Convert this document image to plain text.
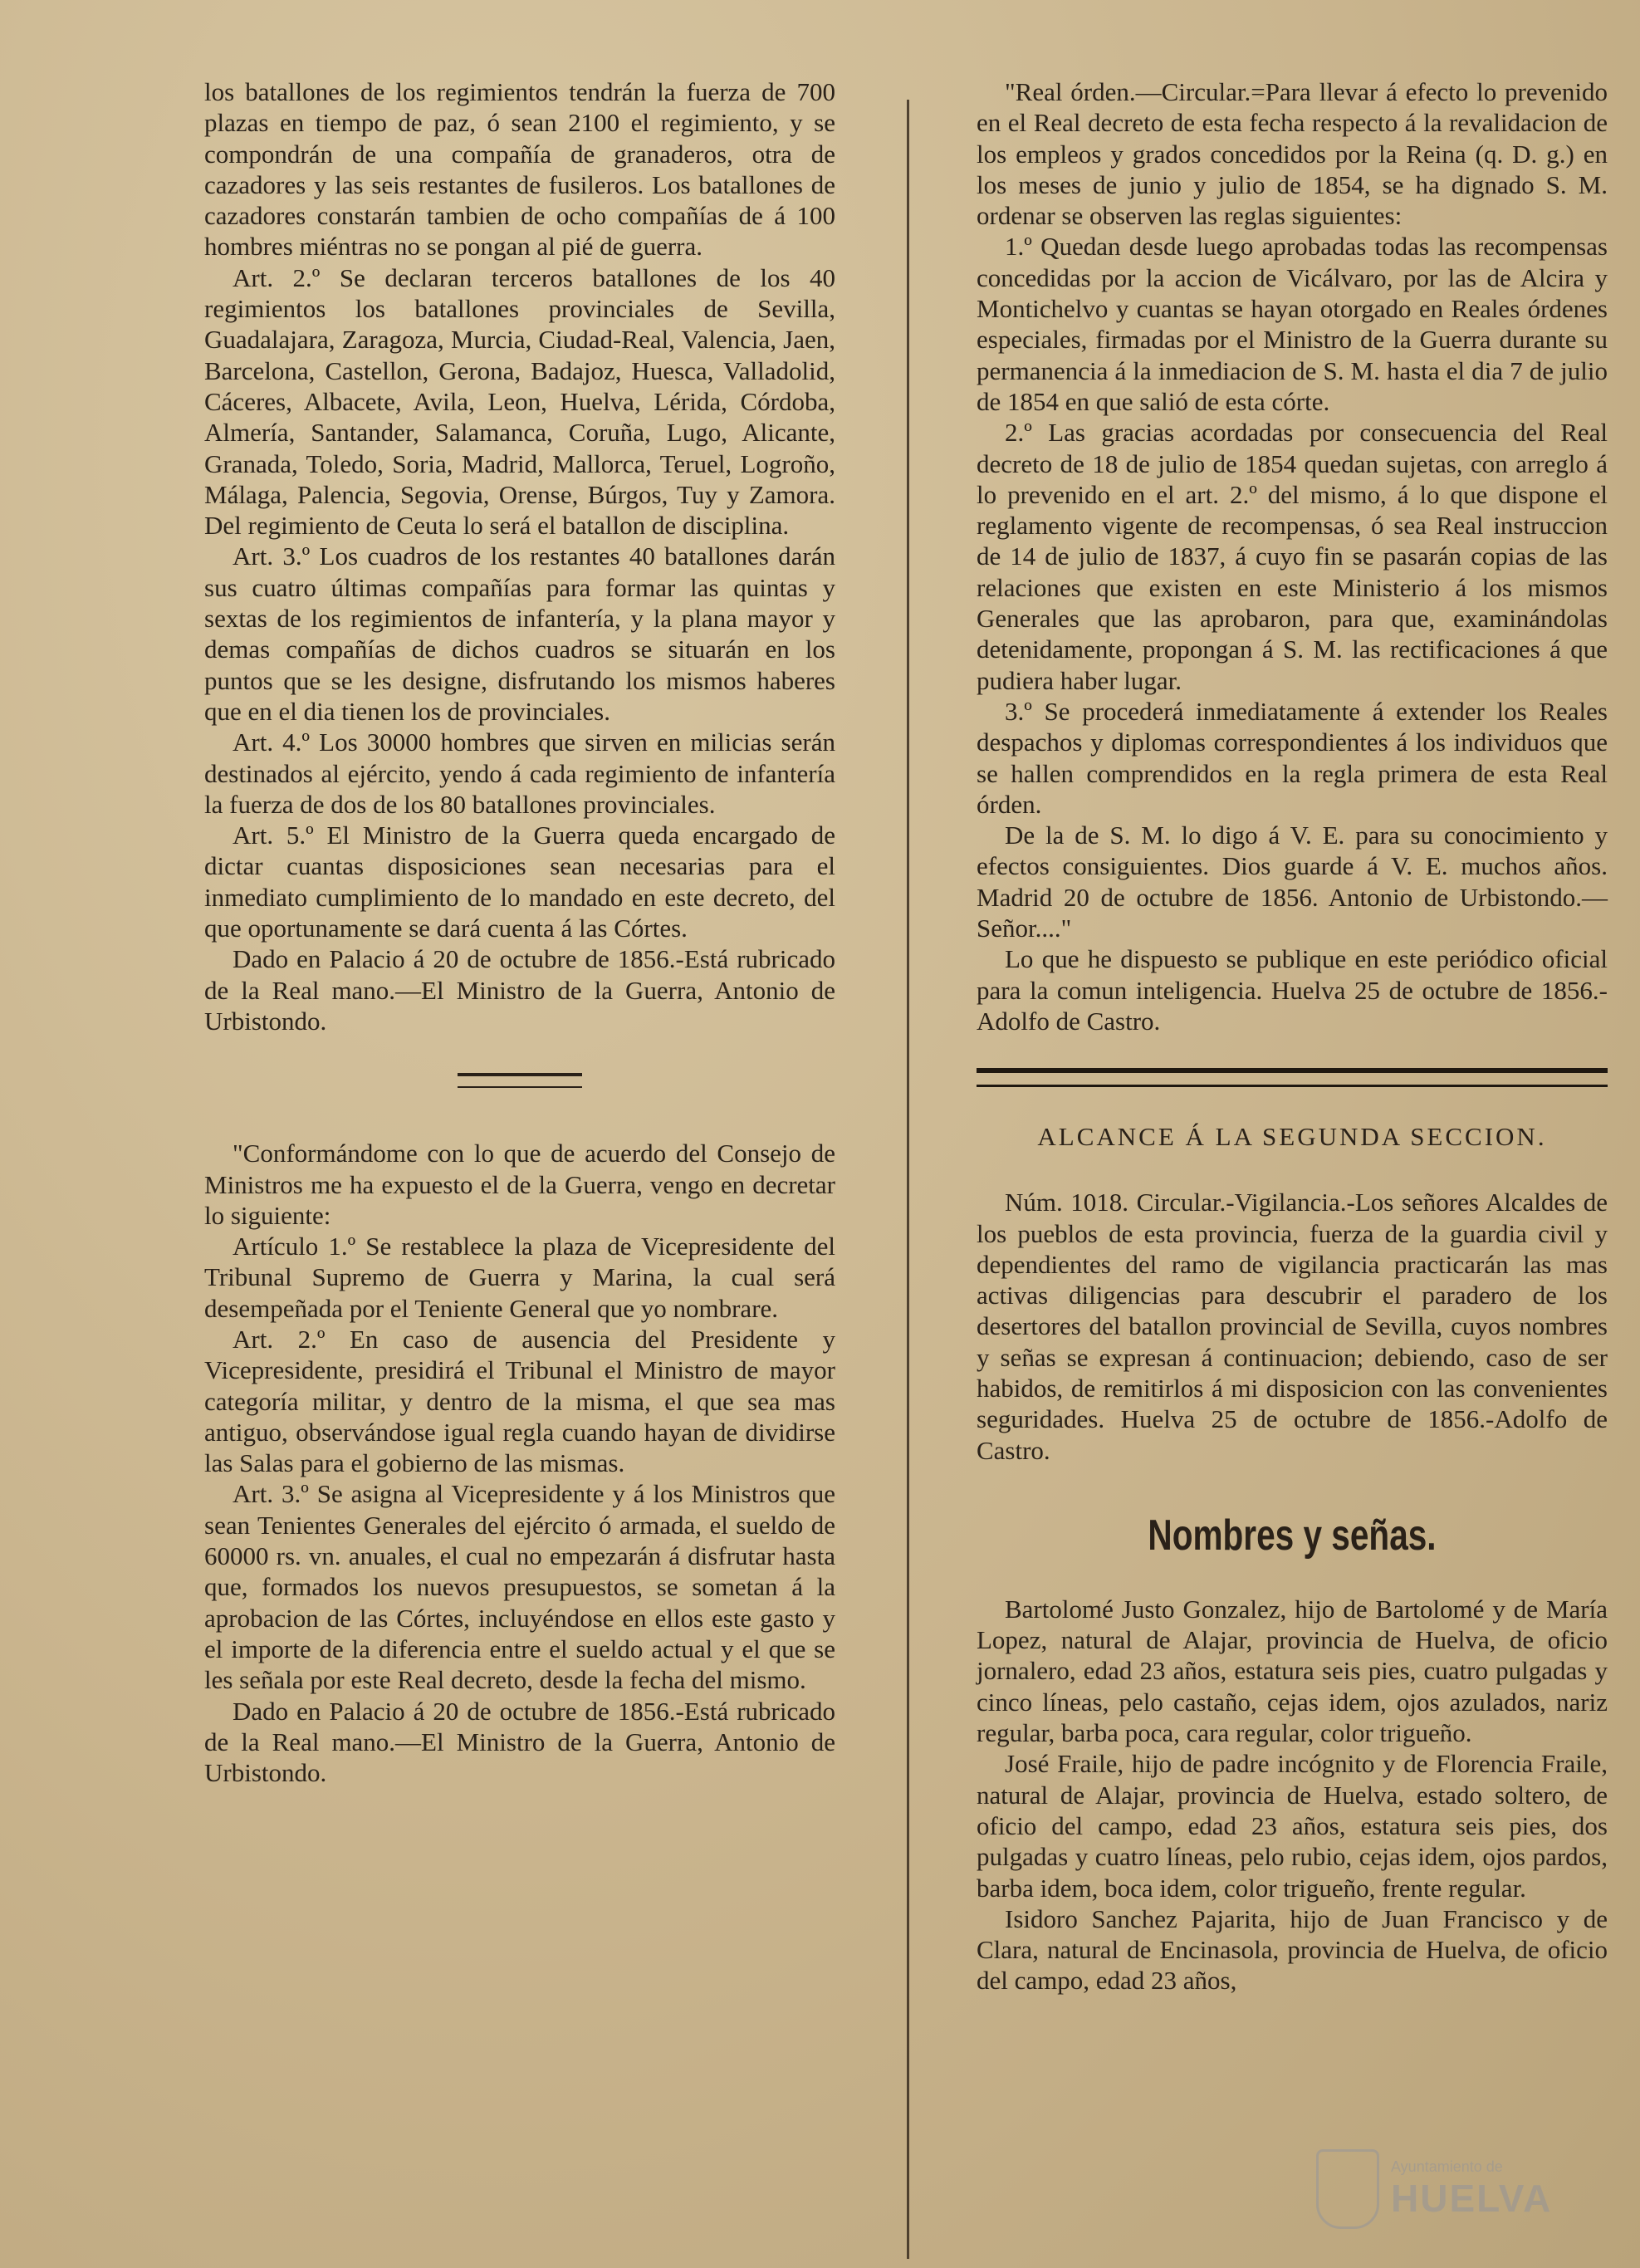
los batallones de los regimientos tendrán la fuerza de 700 plazas en tiempo de paz, ó sean 2100 el regimiento, y se compondrán de una compañía de granaderos, otra de cazadores y las seis restantes de fusileros. Los batallones de cazadores constarán tambien de ocho compañías de á 100 hombres miéntras no se pongan al pié de guerra.

Art. 2.º Se declaran terceros batallones de los 40 regimientos los batallones provinciales de Sevilla, Guadalajara, Zaragoza, Murcia, Ciudad-Real, Valencia, Jaen, Barcelona, Castellon, Gerona, Badajoz, Huesca, Valladolid, Cáceres, Albacete, Avila, Leon, Huelva, Lérida, Córdoba, Almería, Santander, Salamanca, Coruña, Lugo, Alicante, Granada, Toledo, Soria, Madrid, Mallorca, Teruel, Logroño, Málaga, Palencia, Segovia, Orense, Búrgos, Tuy y Zamora. Del regimiento de Ceuta lo será el batallon de disciplina.

Art. 3.º Los cuadros de los restantes 40 batallones darán sus cuatro últimas compañías para formar las quintas y sextas de los regimientos de infantería, y la plana mayor y demas compañías de dichos cuadros se situarán en los puntos que se les designe, disfrutando los mismos haberes que en el dia tienen los de provinciales.

Art. 4.º Los 30000 hombres que sirven en milicias serán destinados al ejército, yendo á cada regimiento de infantería la fuerza de dos de los 80 batallones provinciales.

Art. 5.º El Ministro de la Guerra queda encargado de dictar cuantas disposiciones sean necesarias para el inmediato cumplimiento de lo mandado en este decreto, del que oportunamente se dará cuenta á las Córtes.

Dado en Palacio á 20 de octubre de 1856.-Está rubricado de la Real mano.—El Ministro de la Guerra, Antonio de Urbistondo.

"Conformándome con lo que de acuerdo del Consejo de Ministros me ha expuesto el de la Guerra, vengo en decretar lo siguiente:

Artículo 1.º Se restablece la plaza de Vicepresidente del Tribunal Supremo de Guerra y Marina, la cual será desempeñada por el Teniente General que yo nombrare.

Art. 2.º En caso de ausencia del Presidente y Vicepresidente, presidirá el Tribunal el Ministro de mayor categoría militar, y dentro de la misma, el que sea mas antiguo, observándose igual regla cuando hayan de dividirse las Salas para el gobierno de las mismas.

Art. 3.º Se asigna al Vicepresidente y á los Ministros que sean Tenientes Generales del ejército ó armada, el sueldo de 60000 rs. vn. anuales, el cual no empezarán á disfrutar hasta que, formados los nuevos presupuestos, se sometan á la aprobacion de las Córtes, incluyéndose en ellos este gasto y el importe de la diferencia entre el sueldo actual y el que se les señala por este Real decreto, desde la fecha del mismo.

Dado en Palacio á 20 de octubre de 1856.-Está rubricado de la Real mano.—El Ministro de la Guerra, Antonio de Urbistondo.

"Real órden.—Circular.=Para llevar á efecto lo prevenido en el Real decreto de esta fecha respecto á la revalidacion de los empleos y grados concedidos por la Reina (q. D. g.) en los meses de junio y julio de 1854, se ha dignado S. M. ordenar se observen las reglas siguientes:

1.º Quedan desde luego aprobadas todas las recompensas concedidas por la accion de Vicálvaro, por las de Alcira y Montichelvo y cuantas se hayan otorgado en Reales órdenes especiales, firmadas por el Ministro de la Guerra durante su permanencia á la inmediacion de S. M. hasta el dia 7 de julio de 1854 en que salió de esta córte.

2.º Las gracias acordadas por consecuencia del Real decreto de 18 de julio de 1854 quedan sujetas, con arreglo á lo prevenido en el art. 2.º del mismo, á lo que dispone el reglamento vigente de recompensas, ó sea Real instruccion de 14 de julio de 1837, á cuyo fin se pasarán copias de las relaciones que existen en este Ministerio á los mismos Generales que las aprobaron, para que, examinándolas detenidamente, propongan á S. M. las rectificaciones á que pudiera haber lugar.

3.º Se procederá inmediatamente á extender los Reales despachos y diplomas correspondientes á los individuos que se hallen comprendidos en la regla primera de esta Real órden.

De la de S. M. lo digo á V. E. para su conocimiento y efectos consiguientes. Dios guarde á V. E. muchos años. Madrid 20 de octubre de 1856. Antonio de Urbistondo.—Señor...."

Lo que he dispuesto se publique en este periódico oficial para la comun inteligencia. Huelva 25 de octubre de 1856.-Adolfo de Castro.

ALCANCE Á LA SEGUNDA SECCION.

Núm. 1018. Circular.-Vigilancia.-Los señores Alcaldes de los pueblos de esta provincia, fuerza de la guardia civil y dependientes del ramo de vigilancia practicarán las mas activas diligencias para descubrir el paradero de los desertores del batallon provincial de Sevilla, cuyos nombres y señas se expresan á continuacion; debiendo, caso de ser habidos, de remitirlos á mi disposicion con las convenientes seguridades. Huelva 25 de octubre de 1856.-Adolfo de Castro.

Nombres y señas.

Bartolomé Justo Gonzalez, hijo de Bartolomé y de María Lopez, natural de Alajar, provincia de Huelva, de oficio jornalero, edad 23 años, estatura seis pies, cuatro pulgadas y cinco líneas, pelo castaño, cejas idem, ojos azulados, nariz regular, barba poca, cara regular, color trigueño.

José Fraile, hijo de padre incógnito y de Florencia Fraile, natural de Alajar, provincia de Huelva, estado soltero, de oficio del campo, edad 23 años, estatura seis pies, dos pulgadas y cuatro líneas, pelo rubio, cejas idem, ojos pardos, barba idem, boca idem, color trigueño, frente regular.

Isidoro Sanchez Pajarita, hijo de Juan Francisco y de Clara, natural de Encinasola, provincia de Huelva, de oficio del campo, edad 23 años,

Ayuntamiento de
HUELVA
